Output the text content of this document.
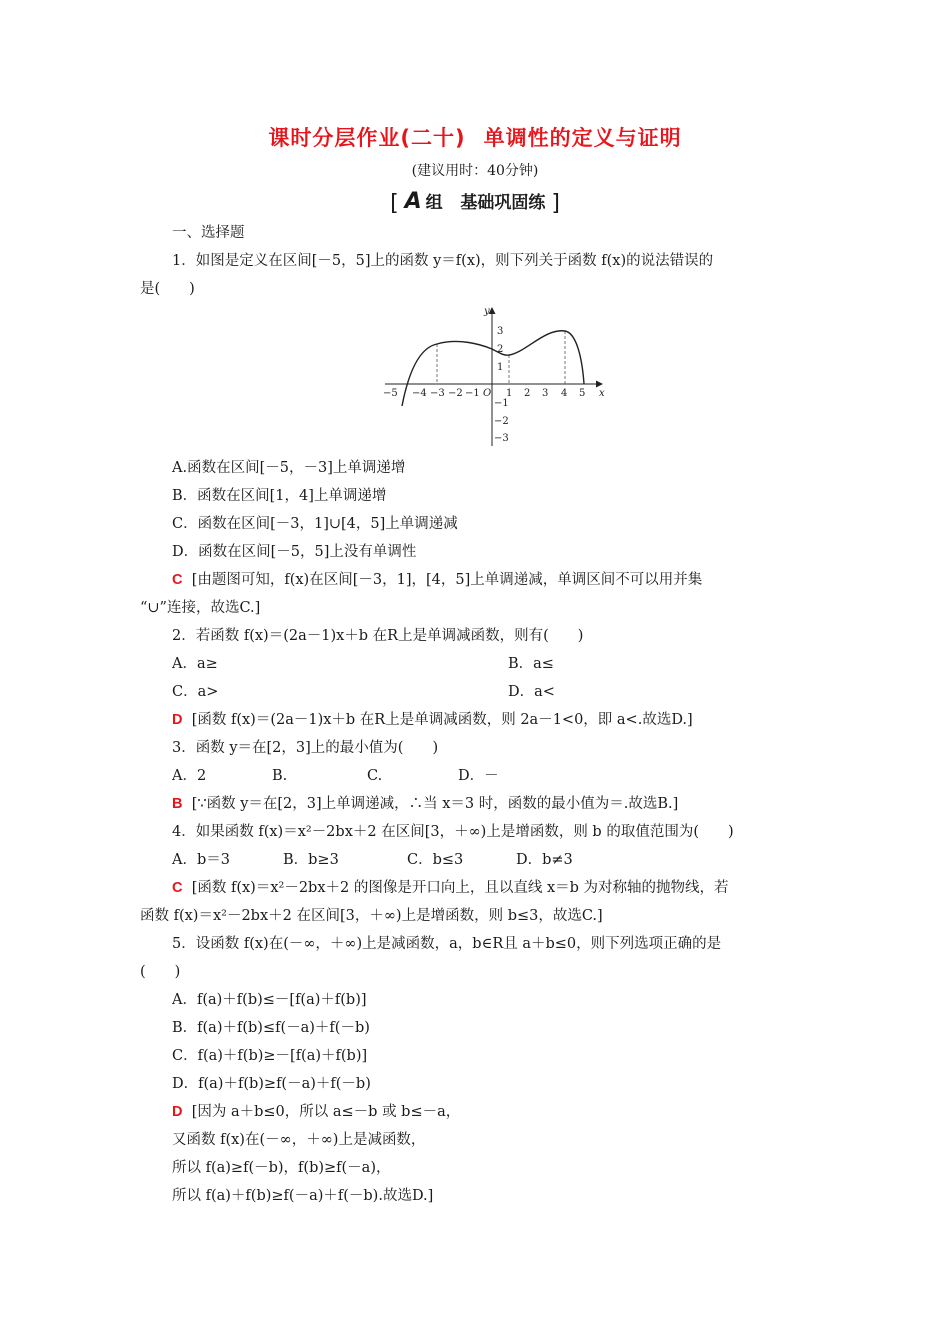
课时分层作业(二十) 单调性的定义与证明
(建议用时：40分钟)
[ A 组 基础巩固练 ]
一、选择题
1．如图是定义在区间[－5，5]上的函数 y＝f(x)，则下列关于函数 f(x)的说法错误的
是(　　)
y
x
O
−5 −4 −3 −2 −1	1 2 3 4 5
1
2
3
−1
−2
−3
A.函数在区间[－5，－3]上单调递增
B．函数在区间[1，4]上单调递增
C．函数在区间[－3，1]∪[4，5]上单调递减
D．函数在区间[－5，5]上没有单调性
C [由题图可知，f(x)在区间[－3，1]，[4，5]上单调递减，单调区间不可以用并集
“∪”连接，故选C.]
2．若函数 f(x)＝(2a－1)x＋b 在R上是单调减函数，则有(　　)
A．a≥	B．a≤
C．a>	D．a<
D [函数 f(x)＝(2a－1)x＋b 在R上是单调减函数，则 2a－1<0，即 a<.故选D.]
3．函数 y＝在[2，3]上的最小值为(　　)
A．2	B.	C.	D．－
B [∵函数 y＝在[2，3]上单调递减，∴当 x＝3 时，函数的最小值为＝.故选B.]
4．如果函数 f(x)＝x²－2bx＋2 在区间[3，＋∞)上是增函数，则 b 的取值范围为(　　)
A．b＝3	B．b≥3	C．b≤3	D．b≠3
C [函数 f(x)＝x²－2bx＋2 的图像是开口向上，且以直线 x＝b 为对称轴的抛物线，若
函数 f(x)＝x²－2bx＋2 在区间[3，＋∞)上是增函数，则 b≤3，故选C.]
5．设函数 f(x)在(－∞，＋∞)上是减函数，a，b∈R且 a＋b≤0，则下列选项正确的是
(　　)
A．f(a)＋f(b)≤－[f(a)＋f(b)]
B．f(a)＋f(b)≤f(－a)＋f(－b)
C．f(a)＋f(b)≥－[f(a)＋f(b)]
D．f(a)＋f(b)≥f(－a)＋f(－b)
D [因为 a＋b≤0，所以 a≤－b 或 b≤－a，
又函数 f(x)在(－∞，＋∞)上是减函数，
所以 f(a)≥f(－b)，f(b)≥f(－a)，
所以 f(a)＋f(b)≥f(－a)＋f(－b).故选D.]
